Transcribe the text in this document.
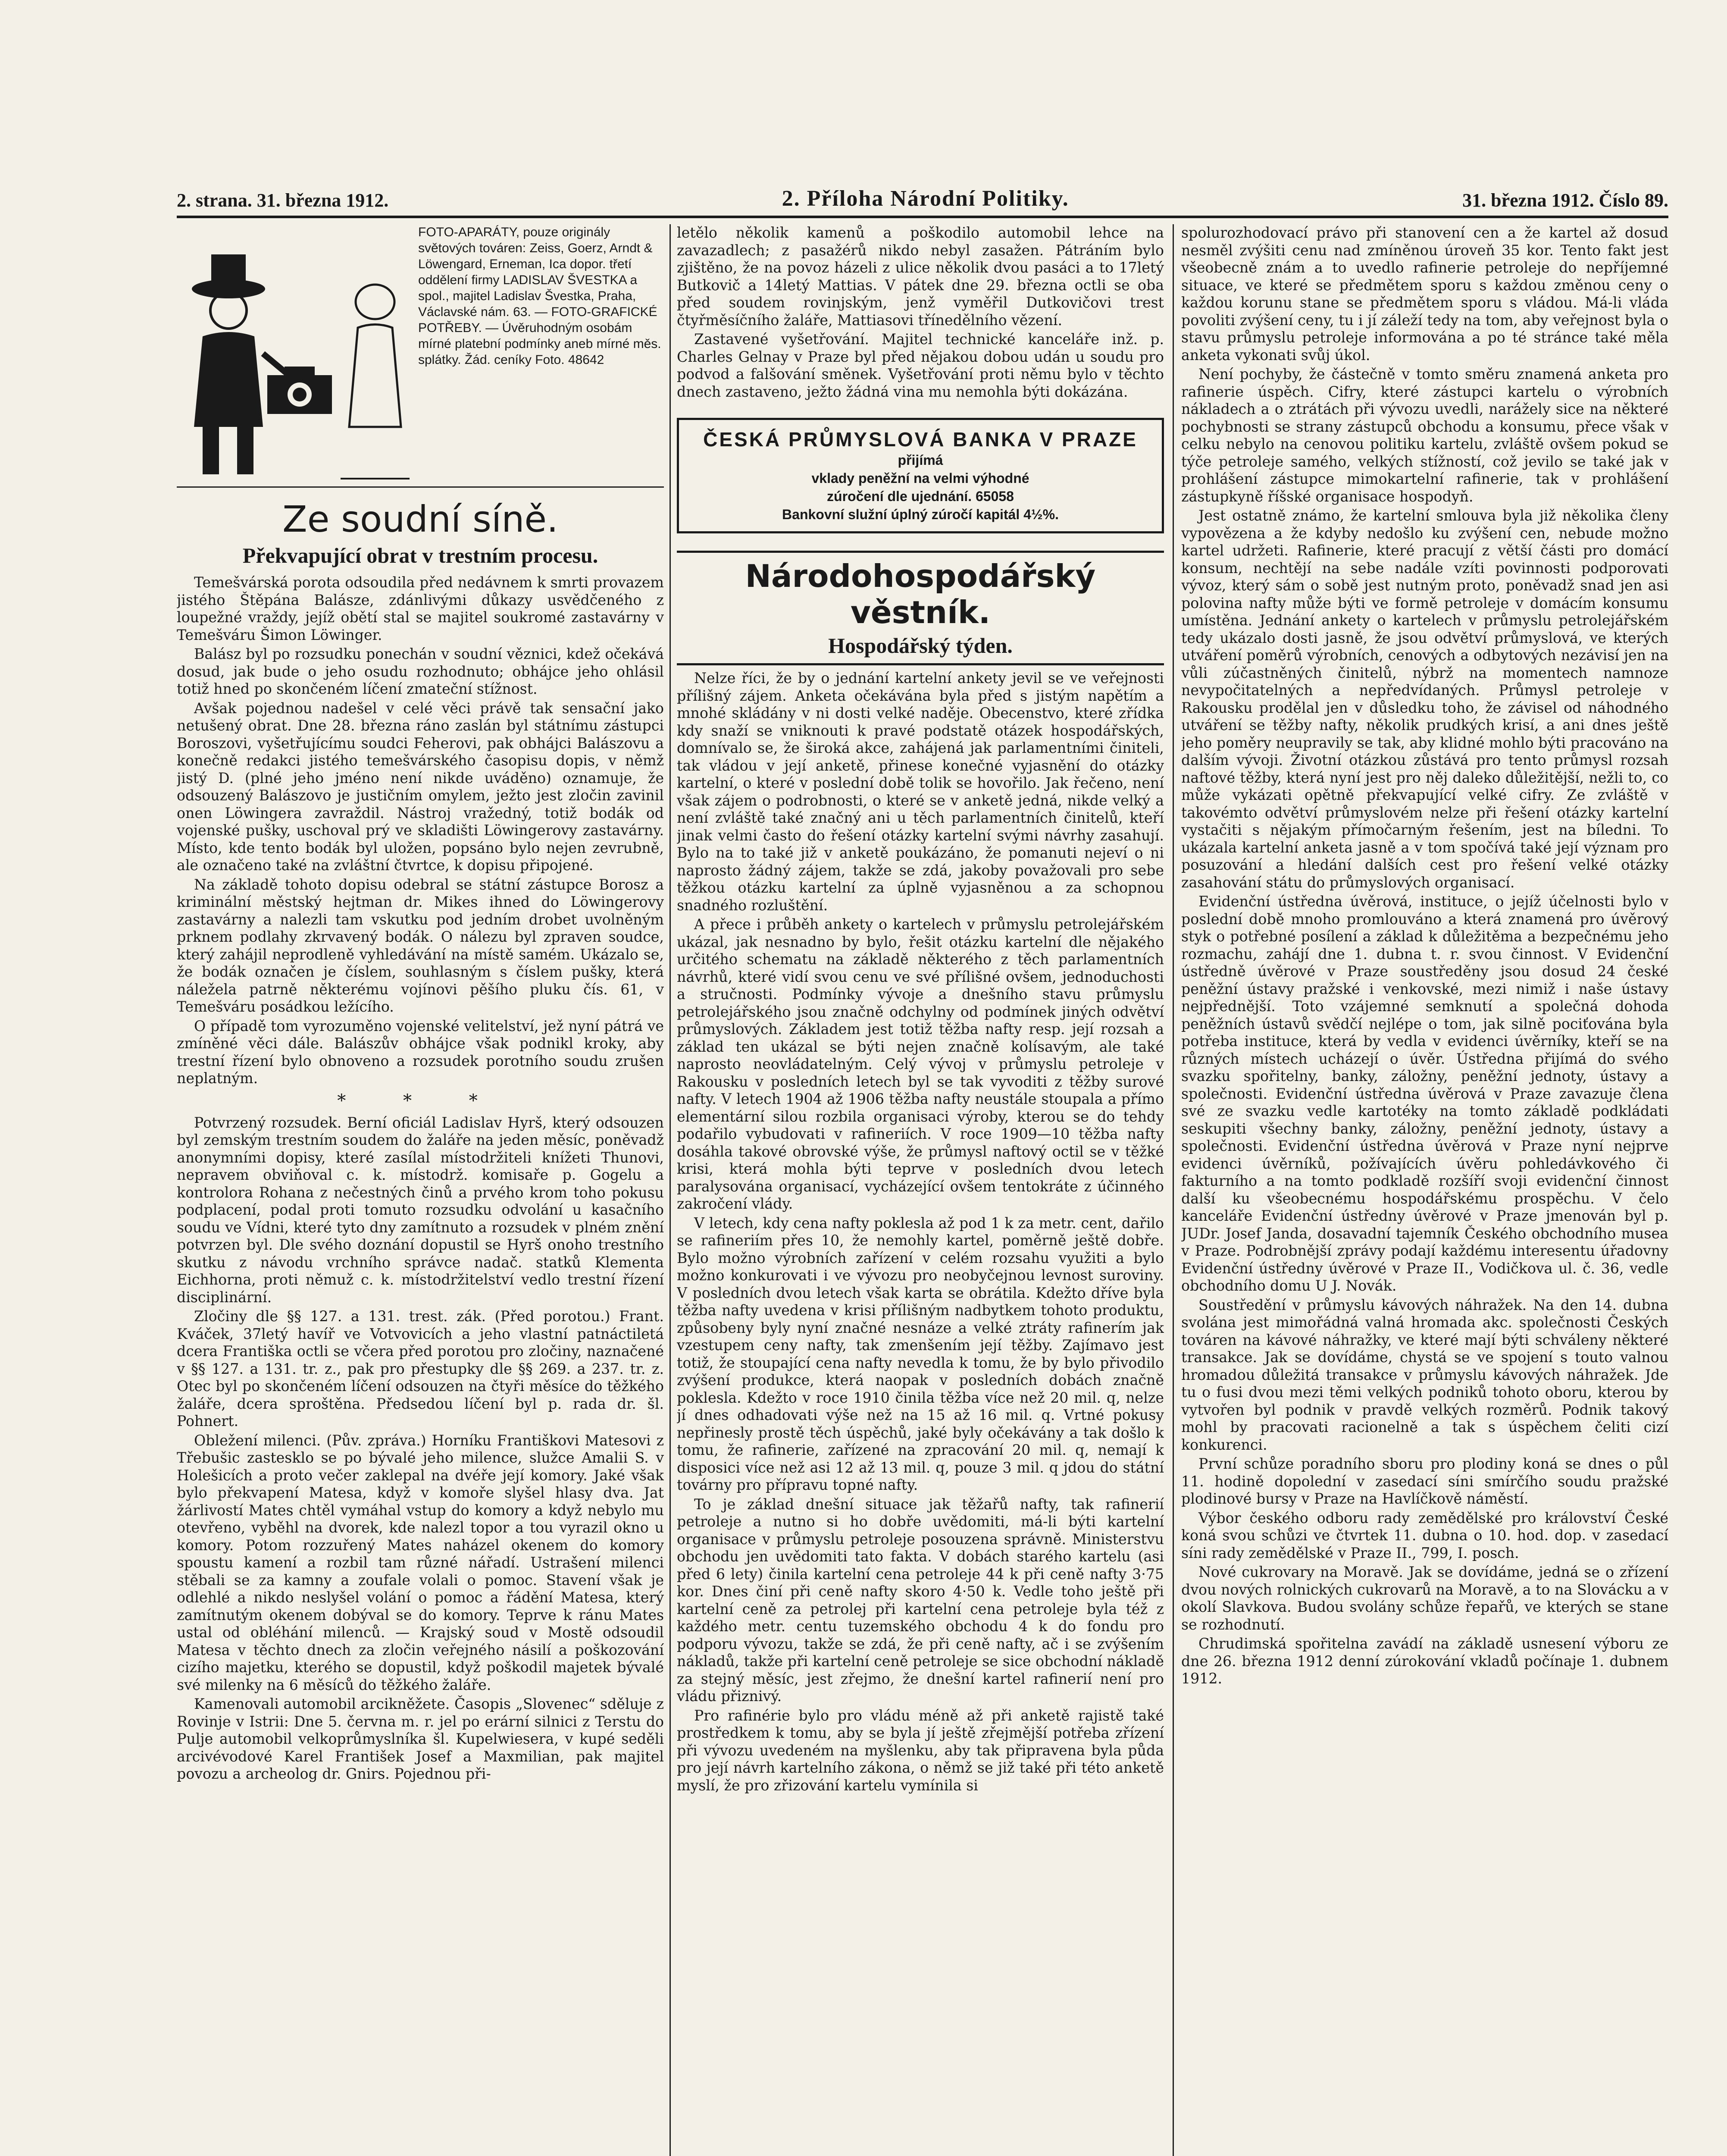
2. strana. 31. března 1912.	2. Příloha Národní Politiky.	31. března 1912. Číslo 89.
FOTO-APARÁTY, pouze originály světových továren: Zeiss, Goerz, Arndt & Löwengard, Erneman, Ica dopor. třetí oddělení firmy LADISLAV ŠVESTKA a spol., majitel Ladislav Švestka, Praha, Václavské nám. 63. — FOTO-GRAFICKÉ POTŘEBY. — Úvěruhodným osobám mírné platební podmínky aneb mírné měs. splátky. Žád. ceníky Foto. 48642
Ze soudní síně.
Překvapující obrat v trestním procesu.

Temešvárská porota odsoudila před nedávnem k smrti provazem jistého Štěpána Balásze, zdánlivými důkazy usvědčeného z loupežné vraždy, jejíž obětí stal se majitel soukromé zastavárny v Temešváru Šimon Löwinger.

Balász byl po rozsudku ponechán v soudní věznici, kdež očekává dosud, jak bude o jeho osudu rozhodnuto; obhájce jeho ohlásil totiž hned po skončeném líčení zmateční stížnost.

Avšak pojednou nadešel v celé věci právě tak sensační jako netušený obrat. Dne 28. března ráno zaslán byl státnímu zástupci Boroszovi, vyšetřujícímu soudci Feherovi, pak obhájci Balászovu a konečně redakci jistého temešvárského časopisu dopis, v němž jistý D. (plné jeho jméno není nikde uváděno) oznamuje, že odsouzený Balászovo je justičním omylem, ježto jest zločin zavinil onen Löwingera zavraždil. Nástroj vražedný, totiž bodák od vojenské pušky, uschoval prý ve skladišti Löwingerovy zastavárny. Místo, kde tento bodák byl uložen, popsáno bylo nejen zevrubně, ale označeno také na zvláštní čtvrtce, k dopisu připojené.

Na základě tohoto dopisu odebral se státní zástupce Borosz a kriminální městský hejtman dr. Mikes ihned do Löwingerovy zastavárny a nalezli tam vskutku pod jedním drobet uvolněným prknem podlahy zkrvavený bodák. O nálezu byl zpraven soudce, který zahájil neprodleně vyhledávání na místě samém. Ukázalo se, že bodák označen je číslem, souhlasným s číslem pušky, která náležela patrně některému vojínovi pěšího pluku čís. 61, v Temešváru posádkou ležícího.

O případě tom vyrozuměno vojenské velitelství, jež nyní pátrá ve zmíněné věci dále. Balászův obhájce však podnikl kroky, aby trestní řízení bylo obnoveno a rozsudek porotního soudu zrušen neplatným.

* * *

Potvrzený rozsudek. Berní oficiál Ladislav Hyrš, který odsouzen byl zemským trestním soudem do žaláře na jeden měsíc, poněvadž anonymními dopisy, které zasílal místodržiteli knížeti Thunovi, nepravem obviňoval c. k. místodrž. komisaře p. Gogelu a kontrolora Rohana z nečestných činů a prvého krom toho pokusu podplacení, podal proti tomuto rozsudku odvolání u kasačního soudu ve Vídni, které tyto dny zamítnuto a rozsudek v plném znění potvrzen byl. Dle svého doznání dopustil se Hyrš onoho trestního skutku z návodu vrchního správce nadač. statků Klementa Eichhorna, proti němuž c. k. místodržitelství vedlo trestní řízení disciplinární.

Zločiny dle §§ 127. a 131. trest. zák. (Před porotou.) Frant. Kváček, 37letý havíř ve Votvovicích a jeho vlastní patnáctiletá dcera Františka octli se včera před porotou pro zločiny, naznačené v §§ 127. a 131. tr. z., pak pro přestupky dle §§ 269. a 237. tr. z. Otec byl po skončeném líčení odsouzen na čtyři měsíce do těžkého žaláře, dcera sproštěna. Předsedou líčení byl p. rada dr. šl. Pohnert.

Obležení milenci. (Pův. zpráva.) Horníku Františkovi Matesovi z Třebušic zastesklo se po bývalé jeho milence, služce Amalii S. v Holešicích a proto večer zaklepal na dvéře její komory. Jaké však bylo překvapení Matesa, když v komoře slyšel hlasy dva. Jat žárlivostí Mates chtěl vymáhal vstup do komory a když nebylo mu otevřeno, vyběhl na dvorek, kde nalezl topor a tou vyrazil okno u komory. Potom rozzuřený Mates naházel okenem do komory spoustu kamení a rozbil tam různé nářadí. Ustrašení milenci stěbali se za kamny a zoufale volali o pomoc. Stavení však je odlehlé a nikdo neslyšel volání o pomoc a řádění Matesa, který zamítnutým okenem dobýval se do komory. Teprve k ránu Mates ustal od obléhání milenců. — Krajský soud v Mostě odsoudil Matesa v těchto dnech za zločin veřejného násilí a poškozování cizího majetku, kterého se dopustil, když poškodil majetek bývalé své milenky na 6 měsíců do těžkého žaláře.

Kamenovali automobil arcikněžete. Časopis „Slovenec“ sděluje z Rovinje v Istrii: Dne 5. června m. r. jel po erární silnici z Terstu do Pulje automobil velkoprůmyslníka šl. Kupelwiesera, v kupé seděli arcivévodové Karel František Josef a Maxmilian, pak majitel povozu a archeolog dr. Gnirs. Pojednou při-

letělo několik kamenů a poškodilo automobil lehce na zavazadlech; z pasažérů nikdo nebyl zasažen. Pátráním bylo zjištěno, že na povoz házeli z ulice několik dvou pasáci a to 17letý Butkovič a 14letý Mattias. V pátek dne 29. března octli se oba před soudem rovinjským, jenž vyměřil Dutkovičovi trest čtyřměsíčního žaláře, Mattiasovi třínedělního vězení.

Zastavené vyšetřování. Majitel technické kanceláře inž. p. Charles Gelnay v Praze byl před nějakou dobou udán u soudu pro podvod a falšování směnek. Vyšetřování proti němu bylo v těchto dnech zastaveno, ježto žádná vina mu nemohla býti dokázána.

ČESKÁ PRŮMYSLOVÁ BANKA V PRAZE
přijímá
vklady peněžní na velmi výhodné
zúročení dle ujednání. 65058
Bankovní služní úplný zúročí kapitál 4½%.
Národohospodářský věstník.
Hospodářský týden.

Nelze říci, že by o jednání kartelní ankety jevil se ve veřejnosti přílišný zájem. Anketa očekávána byla před s jistým napětím a mnohé skládány v ni dosti velké naděje. Obecenstvo, které zřídka kdy snaží se vniknouti k pravé podstatě otázek hospodářských, domnívalo se, že široká akce, zahájená jak parlamentními činiteli, tak vládou v její anketě, přinese konečné vyjasnění do otázky kartelní, o které v poslední době tolik se hovořilo. Jak řečeno, není však zájem o podrobnosti, o které se v anketě jedná, nikde velký a není zvláště také značný ani u těch parlamentních činitelů, kteří jinak velmi často do řešení otázky kartelní svými návrhy zasahují. Bylo na to také již v anketě poukázáno, že pomanuti nejeví o ni naprosto žádný zájem, takže se zdá, jakoby považovali pro sebe těžkou otázku kartelní za úplně vyjasněnou a za schopnou snadného rozluštění.

A přece i průběh ankety o kartelech v průmyslu petrolejářském ukázal, jak nesnadno by bylo, řešit otázku kartelní dle nějakého určitého schematu na základě některého z těch parlamentních návrhů, které vidí svou cenu ve své přílišné ovšem, jednoduchosti a stručnosti. Podmínky vývoje a dnešního stavu průmyslu petrolejářského jsou značně odchylny od podmínek jiných odvětví průmyslových. Základem jest totiž těžba nafty resp. její rozsah a základ ten ukázal se býti nejen značně kolísavým, ale také naprosto neovládatelným. Celý vývoj v průmyslu petroleje v Rakousku v posledních letech byl se tak vyvoditi z těžby surové nafty. V letech 1904 až 1906 těžba nafty neustále stoupala a přímo elementární silou rozbila organisaci výroby, kterou se do tehdy podařilo vybudovati v rafineriích. V roce 1909—10 těžba nafty dosáhla takové obrovské výše, že průmysl naftový octil se v těžké krisi, která mohla býti teprve v posledních dvou letech paralysována organisací, vycházející ovšem tentokráte z účinného zakročení vlády.

V letech, kdy cena nafty poklesla až pod 1 k za metr. cent, dařilo se rafineriím přes 10, že nemohly kartel, poměrně ještě dobře. Bylo možno výrobních zařízení v celém rozsahu využiti a bylo možno konkurovati i ve vývozu pro neobyčejnou levnost suroviny. V posledních dvou letech však karta se obrátila. Kdežto dříve byla těžba nafty uvedena v krisi přílišným nadbytkem tohoto produktu, způsobeny byly nyní značné nesnáze a velké ztráty rafinerím jak vzestupem ceny nafty, tak zmenšením její těžby. Zajímavo jest totiž, že stoupající cena nafty nevedla k tomu, že by bylo přivodilo zvýšení produkce, která naopak v posledních dobách značně poklesla. Kdežto v roce 1910 činila těžba více než 20 mil. q, nelze jí dnes odhadovati výše než na 15 až 16 mil. q. Vrtné pokusy nepřinesly prostě těch úspěchů, jaké byly očekávány a tak došlo k tomu, že rafinerie, zařízené na zpracování 20 mil. q, nemají k disposici více než asi 12 až 13 mil. q, pouze 3 mil. q jdou do státní továrny pro přípravu topné nafty.

To je základ dnešní situace jak těžařů nafty, tak rafinerií petroleje a nutno si ho dobře uvědomiti, má-li býti kartelní organisace v průmyslu petroleje posouzena správně. Ministerstvu obchodu jen uvědomiti tato fakta. V dobách starého kartelu (asi před 6 lety) činila kartelní cena petroleje 44 k při ceně nafty 3·75 kor. Dnes činí při ceně nafty skoro 4·50 k. Vedle toho ještě při kartelní ceně za petrolej při kartelní cena petroleje byla též z každého metr. centu tuzemského obchodu 4 k do fondu pro podporu vývozu, takže se zdá, že při ceně nafty, ač i se zvýšením nákladů, takže při kartelní ceně petroleje se sice obchodní nákladě za stejný měsíc, jest zřejmo, že dnešní kartel rafinerií není pro vládu přiznivý.

Pro rafinérie bylo pro vládu méně až při anketě rajistě také prostředkem k tomu, aby se byla jí ještě zřejmější potřeba zřízení při vývozu uvedeném na myšlenku, aby tak připravena byla půda pro její návrh kartelního zákona, o němž se již také při této anketě myslí, že pro zřizování kartelu vymínila si

spolurozhodovací právo při stanovení cen a že kartel až dosud nesměl zvýšiti cenu nad zmíněnou úroveň 35 kor. Tento fakt jest všeobecně znám a to uvedlo rafinerie petroleje do nepříjemné situace, ve které se předmětem sporu s každou změnou ceny o každou korunu stane se předmětem sporu s vládou. Má-li vláda povoliti zvýšení ceny, tu i jí záleží tedy na tom, aby veřejnost byla o stavu průmyslu petroleje informována a po té stránce také měla anketa vykonati svůj úkol.

Není pochyby, že částečně v tomto směru znamená anketa pro rafinerie úspěch. Cifry, které zástupci kartelu o výrobních nákladech a o ztrátách při vývozu uvedli, narážely sice na některé pochybnosti se strany zástupců obchodu a konsumu, přece však v celku nebylo na cenovou politiku kartelu, zvláště ovšem pokud se týče petroleje samého, velkých stížností, což jevilo se také jak v prohlášení zástupce mimokartelní rafinerie, tak v prohlášení zástupkyně říšské organisace hospodyň.

Jest ostatně známo, že kartelní smlouva byla již několika členy vypovězena a že kdyby nedošlo ku zvýšení cen, nebude možno kartel udržeti. Rafinerie, které pracují z větší části pro domácí konsum, nechtějí na sebe nadále vzíti povinnosti podporovati vývoz, který sám o sobě jest nutným proto, poněvadž snad jen asi polovina nafty může býti ve formě petroleje v domácím konsumu umístěna. Jednání ankety o kartelech v průmyslu petrolejářském tedy ukázalo dosti jasně, že jsou odvětví průmyslová, ve kterých utváření poměrů výrobních, cenových a odbytových nezávisí jen na vůli zúčastněných činitelů, nýbrž na momentech namnoze nevypočitatelných a nepředvídaných. Průmysl petroleje v Rakousku prodělal jen v důsledku toho, že závisel od náhodného utváření se těžby nafty, několik prudkých krisí, a ani dnes ještě jeho poměry neupravily se tak, aby klidné mohlo býti pracováno na dalším vývoji. Životní otázkou zůstává pro tento průmysl rozsah naftové těžby, která nyní jest pro něj daleko důležitější, nežli to, co může vykázati opětně překvapující velké cifry. Ze zvláště v takovémto odvětví průmyslovém nelze při řešení otázky kartelní vystačiti s nějakým přímočarným řešením, jest na bíledni. To ukázala kartelní anketa jasně a v tom spočívá také její význam pro posuzování a hledání dalších cest pro řešení velké otázky zasahování státu do průmyslových organisací.

Evidenční ústředna úvěrová, instituce, o jejíž účelnosti bylo v poslední době mnoho promlouváno a která znamená pro úvěrový styk o potřebné posílení a základ k důležitěma a bezpečnému jeho rozmachu, zahájí dne 1. dubna t. r. svou činnost. V Evidenční ústředně úvěrové v Praze soustředěny jsou dosud 24 české peněžní ústavy pražské i venkovské, mezi nimiž i naše ústavy nejpřednější. Toto vzájemné semknutí a společná dohoda peněžních ústavů svědčí nejlépe o tom, jak silně pociťována byla potřeba instituce, která by vedla v evidenci úvěrníky, kteří se na různých místech ucházejí o úvěr. Ústředna přijímá do svého svazku spořitelny, banky, záložny, peněžní jednoty, ústavy a společnosti. Evidenční ústředna úvěrová v Praze zavazuje člena své ze svazku vedle kartotéky na tomto základě podkládati seskupiti všechny banky, záložny, peněžní jednoty, ústavy a společnosti. Evidenční ústředna úvěrová v Praze nyní nejprve evidenci úvěrníků, požívajících úvěru pohledávkového či fakturního a na tomto podkladě rozšíří svoji evidenční činnost další ku všeobecnému hospodářskému prospěchu. V čelo kanceláře Evidenční ústředny úvěrové v Praze jmenován byl p. JUDr. Josef Janda, dosavadní tajemník Českého obchodního musea v Praze. Podrobnější zprávy podají každému interesentu úřadovny Evidenční ústředny úvěrové v Praze II., Vodičkova ul. č. 36, vedle obchodního domu U J. Novák.

Soustředění v průmyslu kávových náhražek. Na den 14. dubna svolána jest mimořádná valná hromada akc. společnosti Českých továren na kávové náhražky, ve které mají býti schváleny některé transakce. Jak se dovídáme, chystá se ve spojení s touto valnou hromadou důležitá transakce v průmyslu kávových náhražek. Jde tu o fusi dvou mezi těmi velkých podniků tohoto oboru, kterou by vytvořen byl podnik v pravdě velkých rozměrů. Podnik takový mohl by pracovati racionelně a tak s úspěchem čeliti cizí konkurenci.

První schůze poradního sboru pro plodiny koná se dnes o půl 11. hodině dopolední v zasedací síni smírčího soudu pražské plodinové bursy v Praze na Havlíčkově náměstí.

Výbor českého odboru rady zemědělské pro království České koná svou schůzi ve čtvrtek 11. dubna o 10. hod. dop. v zasedací síni rady zemědělské v Praze II., 799, I. posch.

Nové cukrovary na Moravě. Jak se dovídáme, jedná se o zřízení dvou nových rolnických cukrovarů na Moravě, a to na Slovácku a v okolí Slavkova. Budou svolány schůze řepařů, ve kterých se stane se rozhodnutí.

Chrudimská spořitelna zavádí na základě usnesení výboru ze dne 26. března 1912 denní zúrokování vkladů počínaje 1. dubnem 1912.
